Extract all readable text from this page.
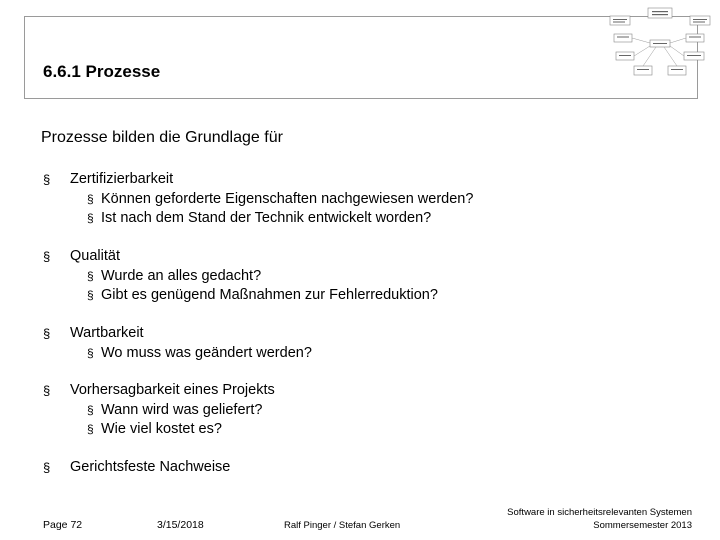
6.6.1 Prozesse
Prozesse bilden die Grundlage für
§ Zertifizierbarkeit
§ Können geforderte Eigenschaften nachgewiesen werden?
§ Ist nach dem Stand der Technik entwickelt worden?
§ Qualität
§ Wurde an alles gedacht?
§ Gibt es genügend Maßnahmen zur Fehlerreduktion?
§ Wartbarkeit
§ Wo muss was geändert werden?
§ Vorhersagbarkeit eines Projekts
§ Wann wird was geliefert?
§ Wie viel kostet es?
§ Gerichtsfeste Nachweise
Page 72	3/15/2018	Ralf Pinger / Stefan Gerken
Software in sicherheitsrelevanten Systemen
Sommersemester 2013
